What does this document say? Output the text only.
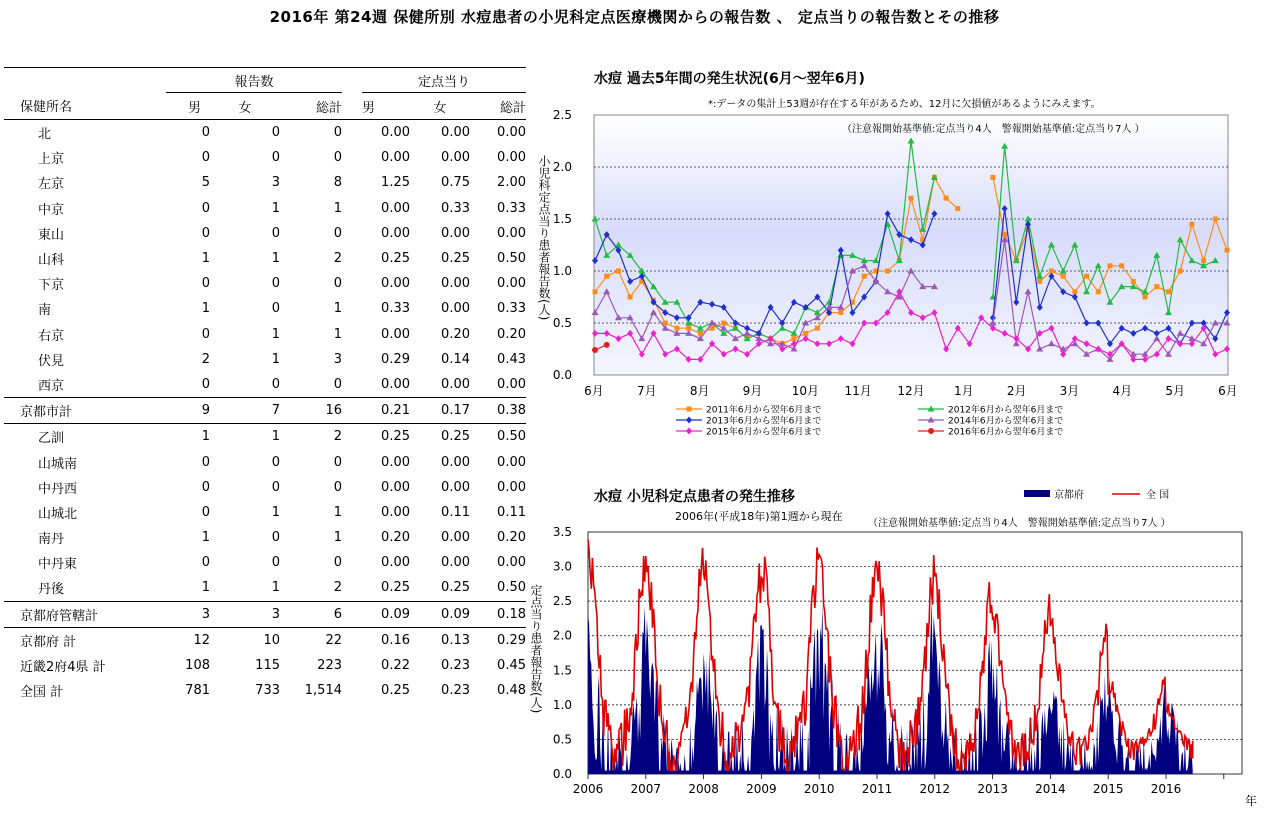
2016年 第24週 保健所別 水痘患者の小児科定点医療機関からの報告数 、 定点当りの報告数とその推移
	報告数				定点当り		
保健所名	男	女	総計		男	女	総計
北	0	0	0		0.00	0.00	0.00
上京	0	0	0		0.00	0.00	0.00
左京	5	3	8		1.25	0.75	2.00
中京	0	1	1		0.00	0.33	0.33
東山	0	0	0		0.00	0.00	0.00
山科	1	1	2		0.25	0.25	0.50
下京	0	0	0		0.00	0.00	0.00
南	1	0	1		0.33	0.00	0.33
右京	0	1	1		0.00	0.20	0.20
伏見	2	1	3		0.29	0.14	0.43
西京	0	0	0		0.00	0.00	0.00
京都市計	9	7	16		0.21	0.17	0.38
乙訓	1	1	2		0.25	0.25	0.50
山城南	0	0	0		0.00	0.00	0.00
中丹西	0	0	0		0.00	0.00	0.00
山城北	0	1	1		0.00	0.11	0.11
南丹	1	0	1		0.20	0.00	0.20
中丹東	0	0	0		0.00	0.00	0.00
丹後	1	1	2		0.25	0.25	0.50
京都府管轄計	3	3	6		0.09	0.09	0.18
京都府 計	12	10	22		0.16	0.13	0.29
近畿2府4県 計	108	115	223		0.22	0.23	0.45
全国 計	781	733	1,514		0.25	0.23	0.48
水痘 過去5年間の発生状況(6月～翌年6月)
*:データの集計上53週が存在する年があるため、12月に欠損値があるようにみえます。
0.0
0.5
1.0
1.5
2.0
2.5
（注意報開始基準値:定点当り4人　警報開始基準値:定点当り7人 ）
小児科定点当り患者報告数(人)
6月	7月	8月	9月 10月 11月 12月 1月	2月	3月	4月	5月	6月
2011年6月から翌年6月まで	2012年6月から翌年6月まで
2013年6月から翌年6月まで	2014年6月から翌年6月まで
2015年6月から翌年6月まで	2016年6月から翌年6月まで
水痘 小児科定点患者の発生推移
2006年(平成18年)第1週から現在
0.0
0.5
1.0
1.5
2.0
2.5
3.0
3.5
定点当り患者報告数(人)
（注意報開始基準値:定点当り4人　警報開始基準値:定点当り7人 ）
2006 2007 2008 2009 2010 2011 2012 2013 2014 2015 2016
年
京都府	全 国
